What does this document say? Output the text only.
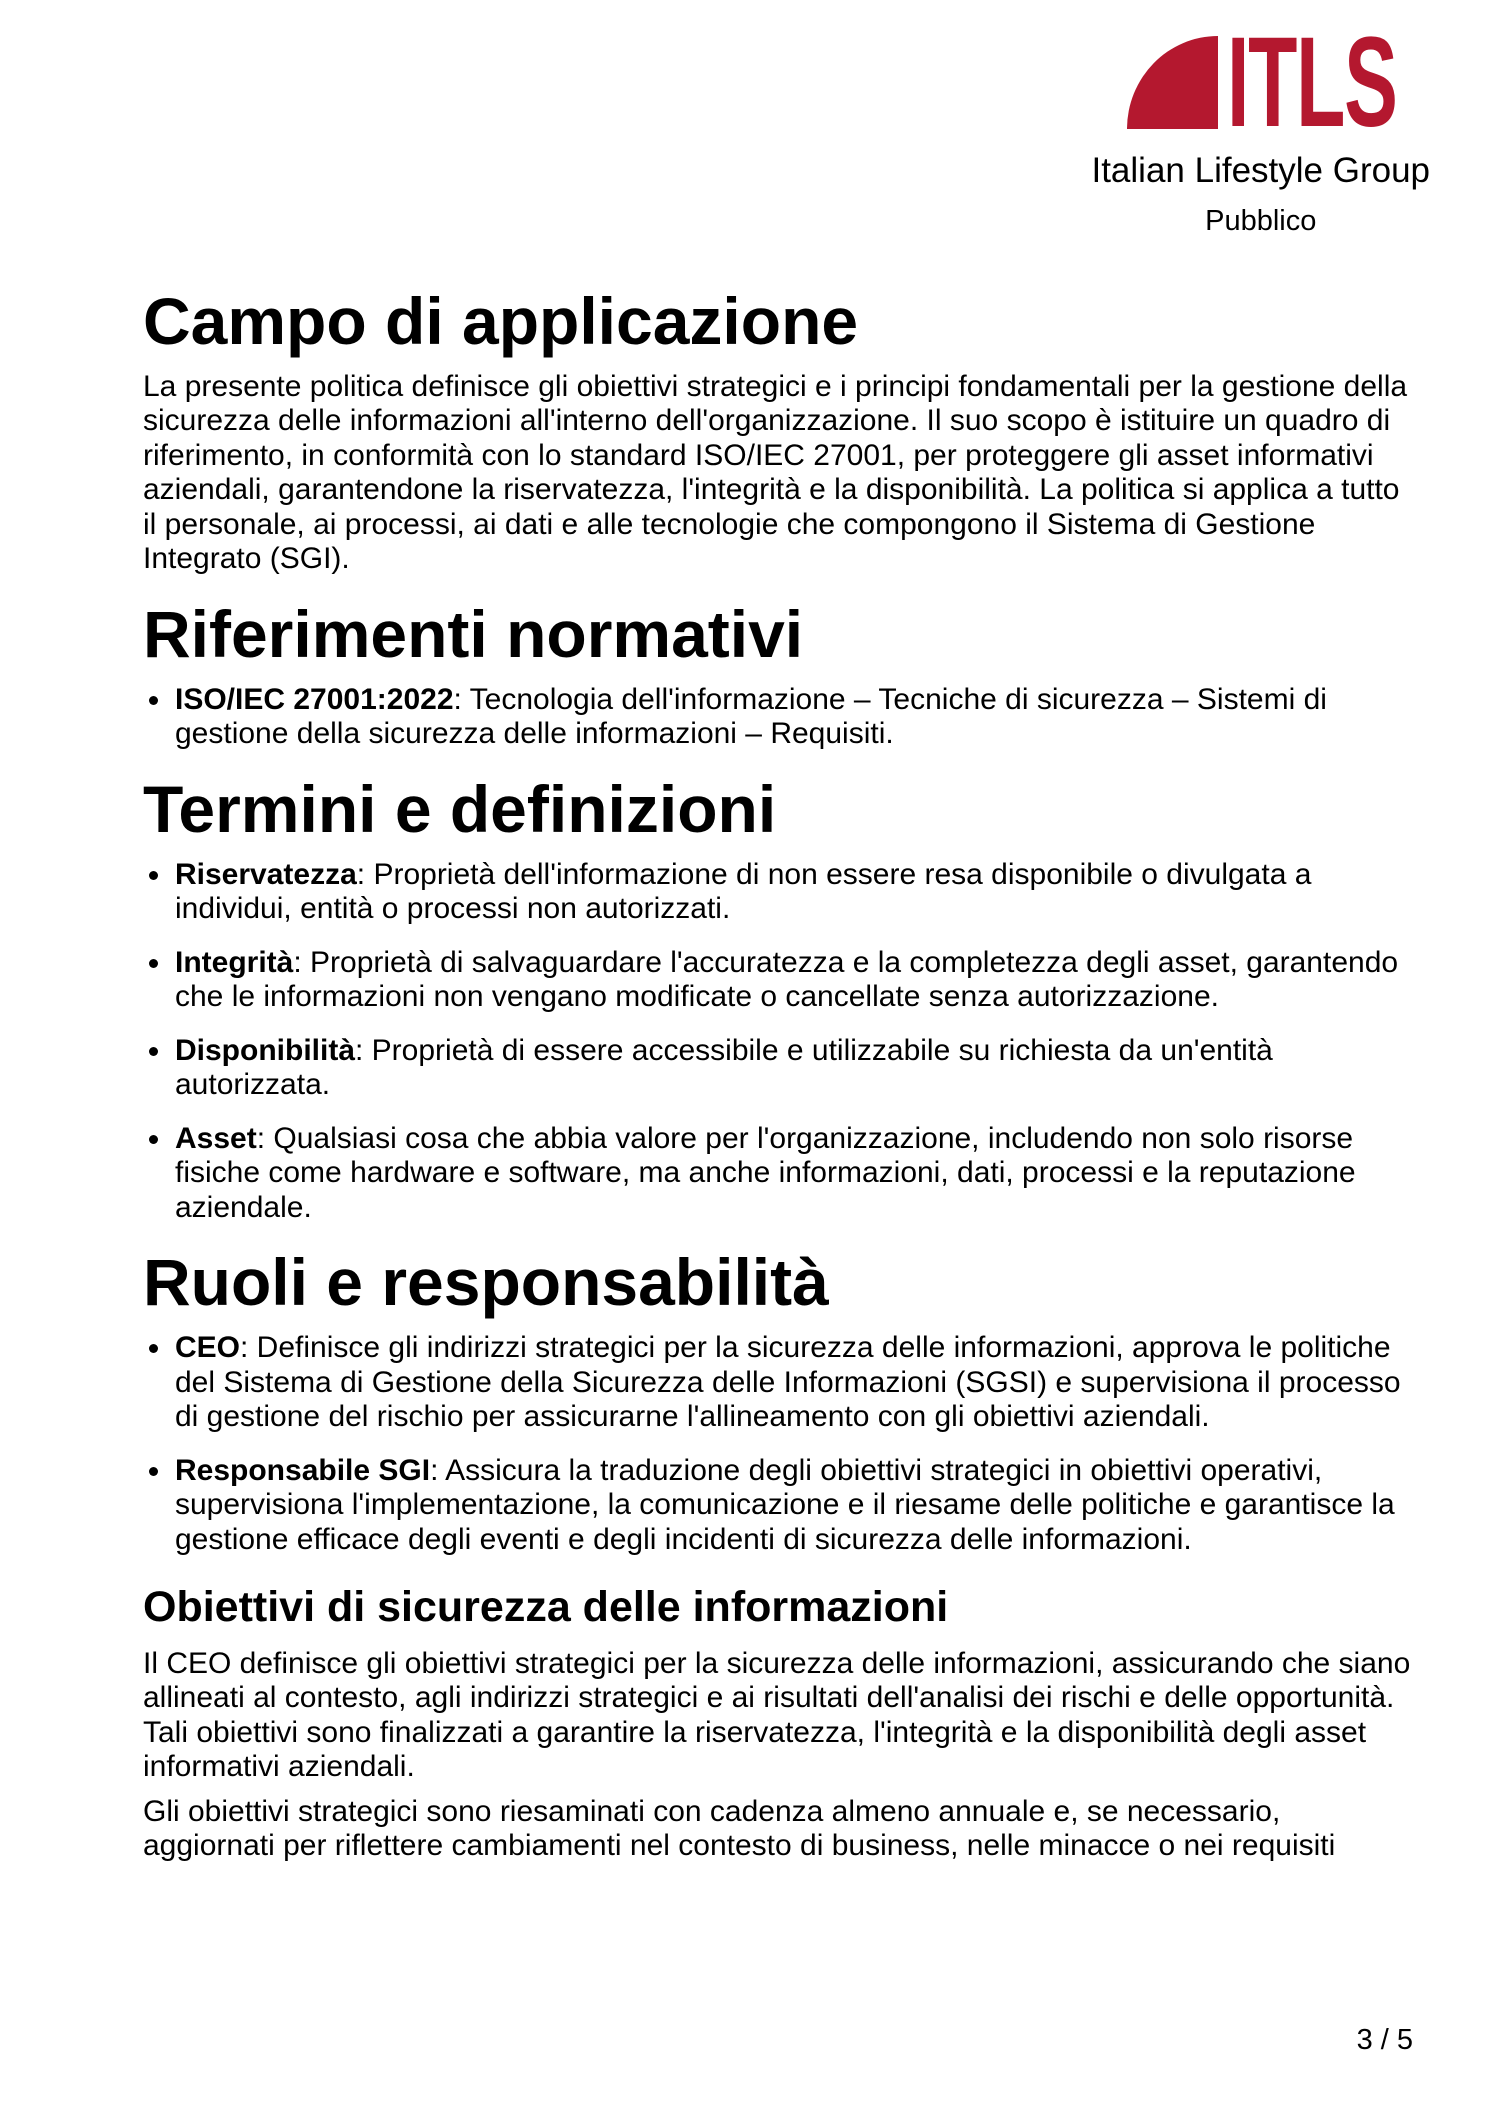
ITLS
Italian Lifestyle Group
Pubblico
Campo di applicazione

La presente politica definisce gli obiettivi strategici e i principi fondamentali per la gestione della sicurezza delle informazioni all'interno dell'organizzazione. Il suo scopo è istituire un quadro di riferimento, in conformità con lo standard ISO/IEC 27001, per proteggere gli asset informativi aziendali, garantendone la riservatezza, l'integrità e la disponibilità. La politica si applica a tutto il personale, ai processi, ai dati e alle tecnologie che compongono il Sistema di Gestione Integrato (SGI).

Riferimenti normativi
• ISO/IEC 27001:2022: Tecnologia dell'informazione – Tecniche di sicurezza – Sistemi di gestione della sicurezza delle informazioni – Requisiti.
Termini e definizioni
• Riservatezza: Proprietà dell'informazione di non essere resa disponibile o divulgata a individui, entità o processi non autorizzati.
• Integrità: Proprietà di salvaguardare l'accuratezza e la completezza degli asset, garantendo che le informazioni non vengano modificate o cancellate senza autorizzazione.
• Disponibilità: Proprietà di essere accessibile e utilizzabile su richiesta da un'entità autorizzata.
• Asset: Qualsiasi cosa che abbia valore per l'organizzazione, includendo non solo risorse fisiche come hardware e software, ma anche informazioni, dati, processi e la reputazione aziendale.
Ruoli e responsabilità
• CEO: Definisce gli indirizzi strategici per la sicurezza delle informazioni, approva le politiche del Sistema di Gestione della Sicurezza delle Informazioni (SGSI) e supervisiona il processo di gestione del rischio per assicurarne l'allineamento con gli obiettivi aziendali.
• Responsabile SGI: Assicura la traduzione degli obiettivi strategici in obiettivi operativi, supervisiona l'implementazione, la comunicazione e il riesame delle politiche e garantisce la gestione efficace degli eventi e degli incidenti di sicurezza delle informazioni.
Obiettivi di sicurezza delle informazioni

Il CEO definisce gli obiettivi strategici per la sicurezza delle informazioni, assicurando che siano allineati al contesto, agli indirizzi strategici e ai risultati dell'analisi dei rischi e delle opportunità. Tali obiettivi sono finalizzati a garantire la riservatezza, l'integrità e la disponibilità degli asset informativi aziendali.

Gli obiettivi strategici sono riesaminati con cadenza almeno annuale e, se necessario, aggiornati per riflettere cambiamenti nel contesto di business, nelle minacce o nei requisiti

3 / 5
